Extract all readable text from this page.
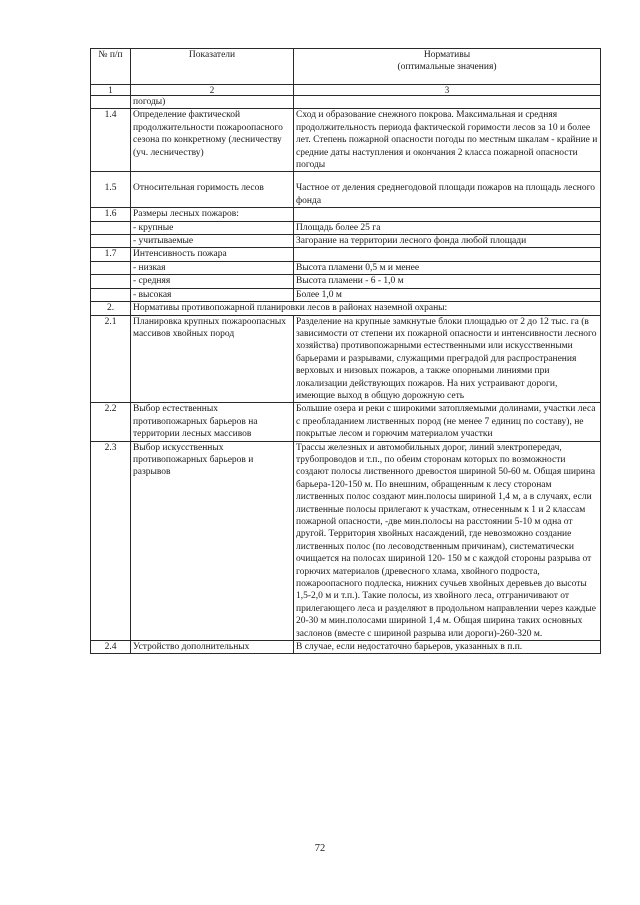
№ п/п	Показатели	Нормативы
(оптимальные значения)

1	2	3
	погоды)	
1.4	Определение фактической продолжительности пожароопасного сезона по конкретному (лесничеству (уч. лесничеству)	Сход и образование снежного покрова. Максимальная и средняя продолжительность периода фактической горимости лесов за 10 и более лет. Степень пожарной опасности погоды по местным шкалам - крайние и средние даты наступления и окончания 2 класса пожарной опасности погоды
1.5	Относительная горимость лесов	Частное от деления среднегодовой площади пожаров на площадь лесного фонда
1.6	Размеры лесных пожаров:	
	- крупные	Площадь более 25 га
	- учитываемые	Загорание на территории лесного фонда любой площади
1.7	Интенсивность пожара	
	- низкая	Высота пламени 0,5 м и менее
	- средняя	Высота пламени - 6 - 1,0 м
	- высокая	Более 1,0 м
2.	Нормативы противопожарной планировки лесов в районах наземной охраны:	
2.1	Планировка крупных пожароопасных массивов хвойных пород	Разделение на крупные замкнутые блоки площадью от 2 до 12 тыс. га (в зависимости от степени их пожарной опасности и интенсивности лесного хозяйства) противопожарными естественными или искусственными барьерами и разрывами, служащими преградой для распространения верховых и низовых пожаров, а также опорными линиями при локализации действующих пожаров. На них устраивают дороги, имеющие выход в общую дорожную сеть
2.2	Выбор естественных противопожарных барьеров на территории лесных массивов	Большие озера и реки с широкими затопляемыми долинами, участки леса с преобладанием лиственных пород (не менее 7 единиц по составу), не покрытые лесом и горючим материалом участки
2.3	Выбор искусственных противопожарных барьеров и разрывов	Трассы железных и автомобильных дорог, линий электропередач, трубопроводов и т.п., по обеим сторонам которых по возможности создают полосы лиственного древостоя шириной 50-60 м. Общая ширина барьера-120-150 м. По внешним, обращенным к лесу сторонам лиственных полос создают мин.полосы шириной 1,4 м, а в случаях, если лиственные полосы прилегают к участкам, отнесенным к 1 и 2 классам пожарной опасности, -две мин.полосы на расстоянии 5-10 м одна от другой. Территория хвойных насаждений, где невозможно создание лиственных полос (по лесоводственным причинам), систематически очищается на полосах шириной 120- 150 м с каждой стороны разрыва от горючих материалов (древесного хлама, хвойного подроста, пожароопасного подлеска, нижних сучьев хвойных деревьев до высоты 1,5-2,0 м и т.п.). Такие полосы, из хвойного леса, отграничивают от прилегающего леса и разделяют в продольном направлении через каждые 20-30 м мин.полосами шириной 1,4 м. Общая ширина таких основных заслонов (вместе с шириной разрыва или дороги)-260-320 м.
2.4	Устройство дополнительных	В случае, если недостаточно барьеров, указанных в п.п.
72
